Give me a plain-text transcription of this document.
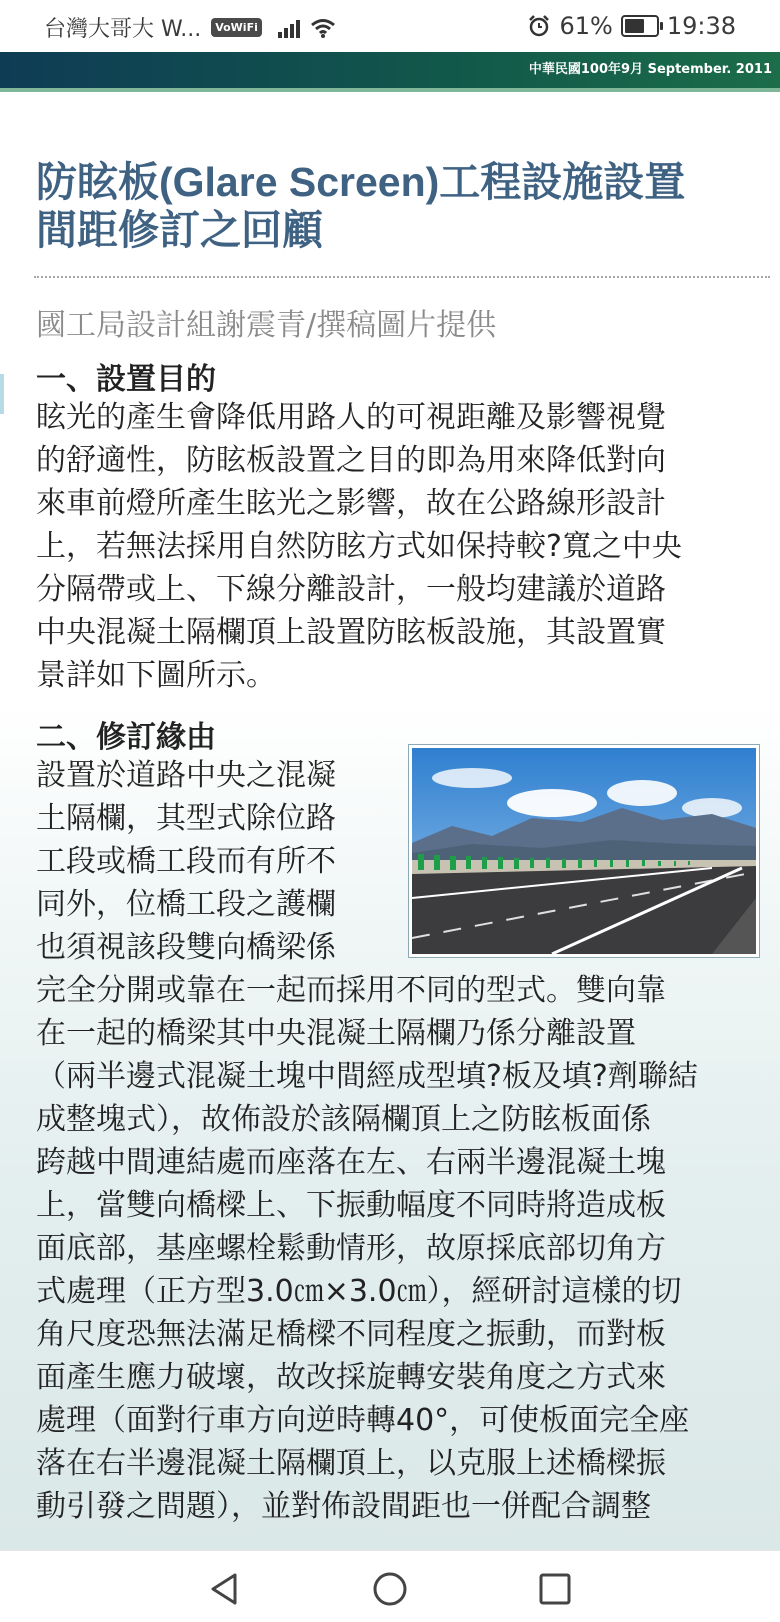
台灣大哥大 W...	VoWiFi	61% 19:38
中華民國100年9月 September. 2011
防眩板(Glare Screen)工程設施設置
間距修訂之回顧
國工局設計組謝震青/撰稿圖片提供
一、設置目的

眩光的產生會降低用路人的可視距離及影響視覺
的舒適性，防眩板設置之目的即為用來降低對向
來車前燈所產生眩光之影響，故在公路線形設計
上，若無法採用自然防眩方式如保持較?寬之中央
分隔帶或上、下線分離設計，一般均建議於道路
中央混凝土隔欄頂上設置防眩板設施，其設置實
景詳如下圖所示。

二、修訂緣由

設置於道路中央之混凝
土隔欄，其型式除位路
工段或橋工段而有所不
同外，位橋工段之護欄
也須視該段雙向橋梁係

完全分開或靠在一起而採用不同的型式。雙向靠
在一起的橋梁其中央混凝土隔欄乃係分離設置
（兩半邊式混凝土塊中間經成型填?板及填?劑聯結
成整塊式），故佈設於該隔欄頂上之防眩板面係
跨越中間連結處而座落在左、右兩半邊混凝土塊
上，當雙向橋樑上、下振動幅度不同時將造成板
面底部，基座螺栓鬆動情形，故原採底部切角方
式處理（正方型3.0㎝×3.0㎝），經研討這樣的切
角尺度恐無法滿足橋樑不同程度之振動，而對板
面產生應力破壞，故改採旋轉安裝角度之方式來
處理（面對行車方向逆時轉40°，可使板面完全座
落在右半邊混凝土隔欄頂上，以克服上述橋樑振
動引發之問題），並對佈設間距也一併配合調整
